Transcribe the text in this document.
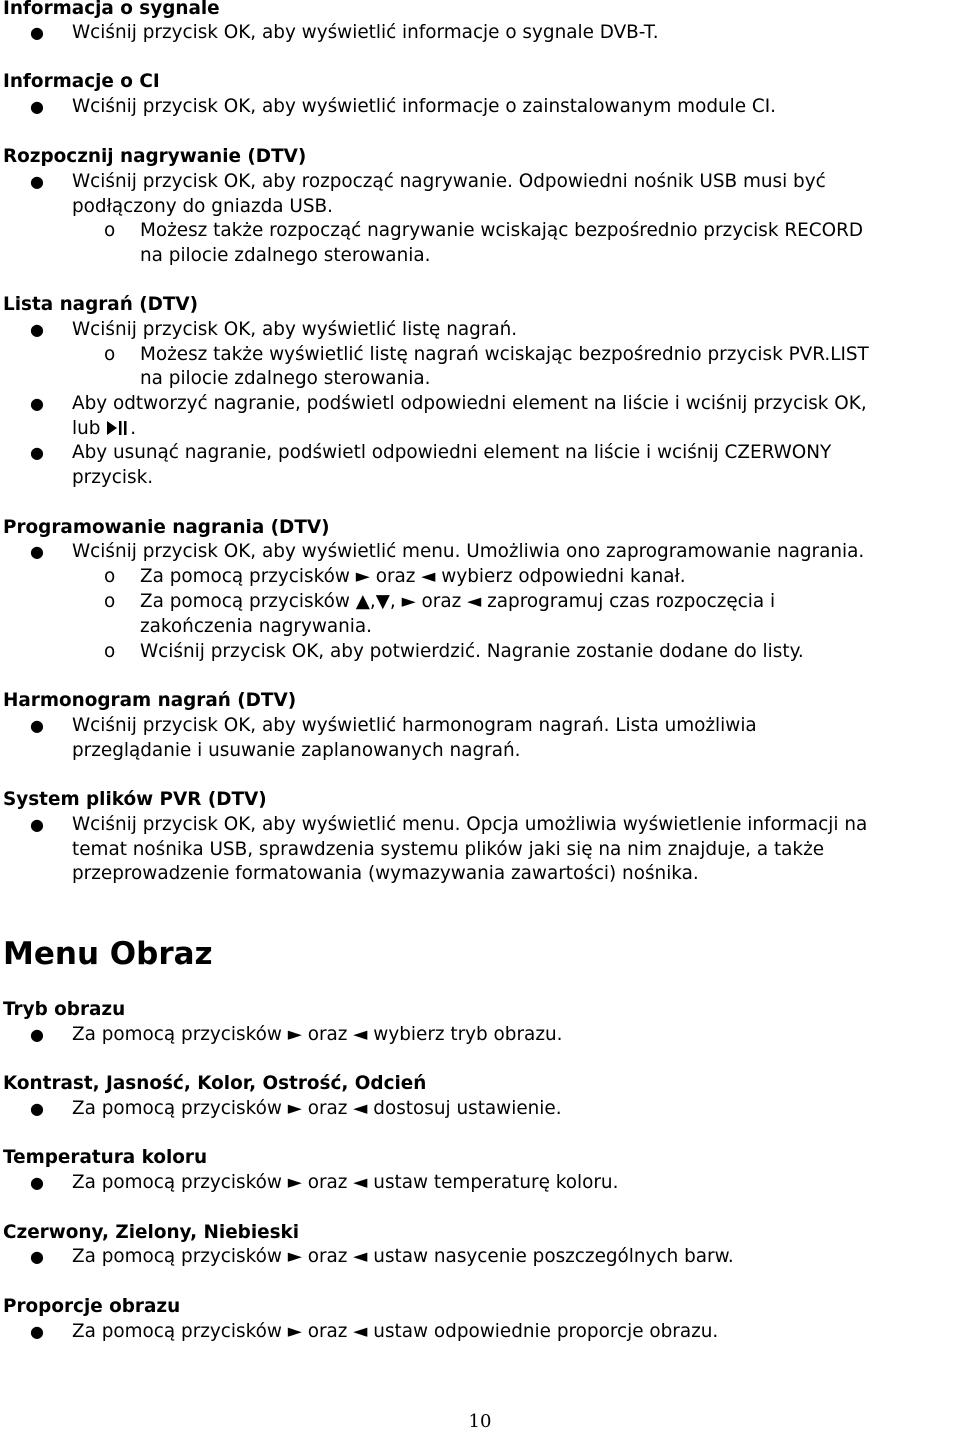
Informacja o sygnale
● Wciśnij przycisk OK, aby wyświetlić informacje o sygnale DVB-T.
Informacje o CI
● Wciśnij przycisk OK, aby wyświetlić informacje o zainstalowanym module CI.
Rozpocznij nagrywanie (DTV)
● Wciśnij przycisk OK, aby rozpocząć nagrywanie. Odpowiedni nośnik USB musi być
podłączony do gniazda USB.
o Możesz także rozpocząć nagrywanie wciskając bezpośrednio przycisk RECORD
na pilocie zdalnego sterowania.
Lista nagrań (DTV)
● Wciśnij przycisk OK, aby wyświetlić listę nagrań.
o Możesz także wyświetlić listę nagrań wciskając bezpośrednio przycisk PVR.LIST
na pilocie zdalnego sterowania.
● Aby odtworzyć nagranie, podświetl odpowiedni element na liście i wciśnij przycisk OK,
lub .
● Aby usunąć nagranie, podświetl odpowiedni element na liście i wciśnij CZERWONY
przycisk.
Programowanie nagrania (DTV)
● Wciśnij przycisk OK, aby wyświetlić menu. Umożliwia ono zaprogramowanie nagrania.
o Za pomocą przycisków ► oraz ◄ wybierz odpowiedni kanał.
o Za pomocą przycisków ▲,▼, ► oraz ◄ zaprogramuj czas rozpoczęcia i
zakończenia nagrywania.
o Wciśnij przycisk OK, aby potwierdzić. Nagranie zostanie dodane do listy.
Harmonogram nagrań (DTV)
● Wciśnij przycisk OK, aby wyświetlić harmonogram nagrań. Lista umożliwia
przeglądanie i usuwanie zaplanowanych nagrań.
System plików PVR (DTV)
● Wciśnij przycisk OK, aby wyświetlić menu. Opcja umożliwia wyświetlenie informacji na
temat nośnika USB, sprawdzenia systemu plików jaki się na nim znajduje, a także
przeprowadzenie formatowania (wymazywania zawartości) nośnika.
Menu Obraz
Tryb obrazu
● Za pomocą przycisków ► oraz ◄ wybierz tryb obrazu.
Kontrast, Jasność, Kolor, Ostrość, Odcień
● Za pomocą przycisków ► oraz ◄ dostosuj ustawienie.
Temperatura koloru
● Za pomocą przycisków ► oraz ◄ ustaw temperaturę koloru.
Czerwony, Zielony, Niebieski
● Za pomocą przycisków ► oraz ◄ ustaw nasycenie poszczególnych barw.
Proporcje obrazu
● Za pomocą przycisków ► oraz ◄ ustaw odpowiednie proporcje obrazu.
10
